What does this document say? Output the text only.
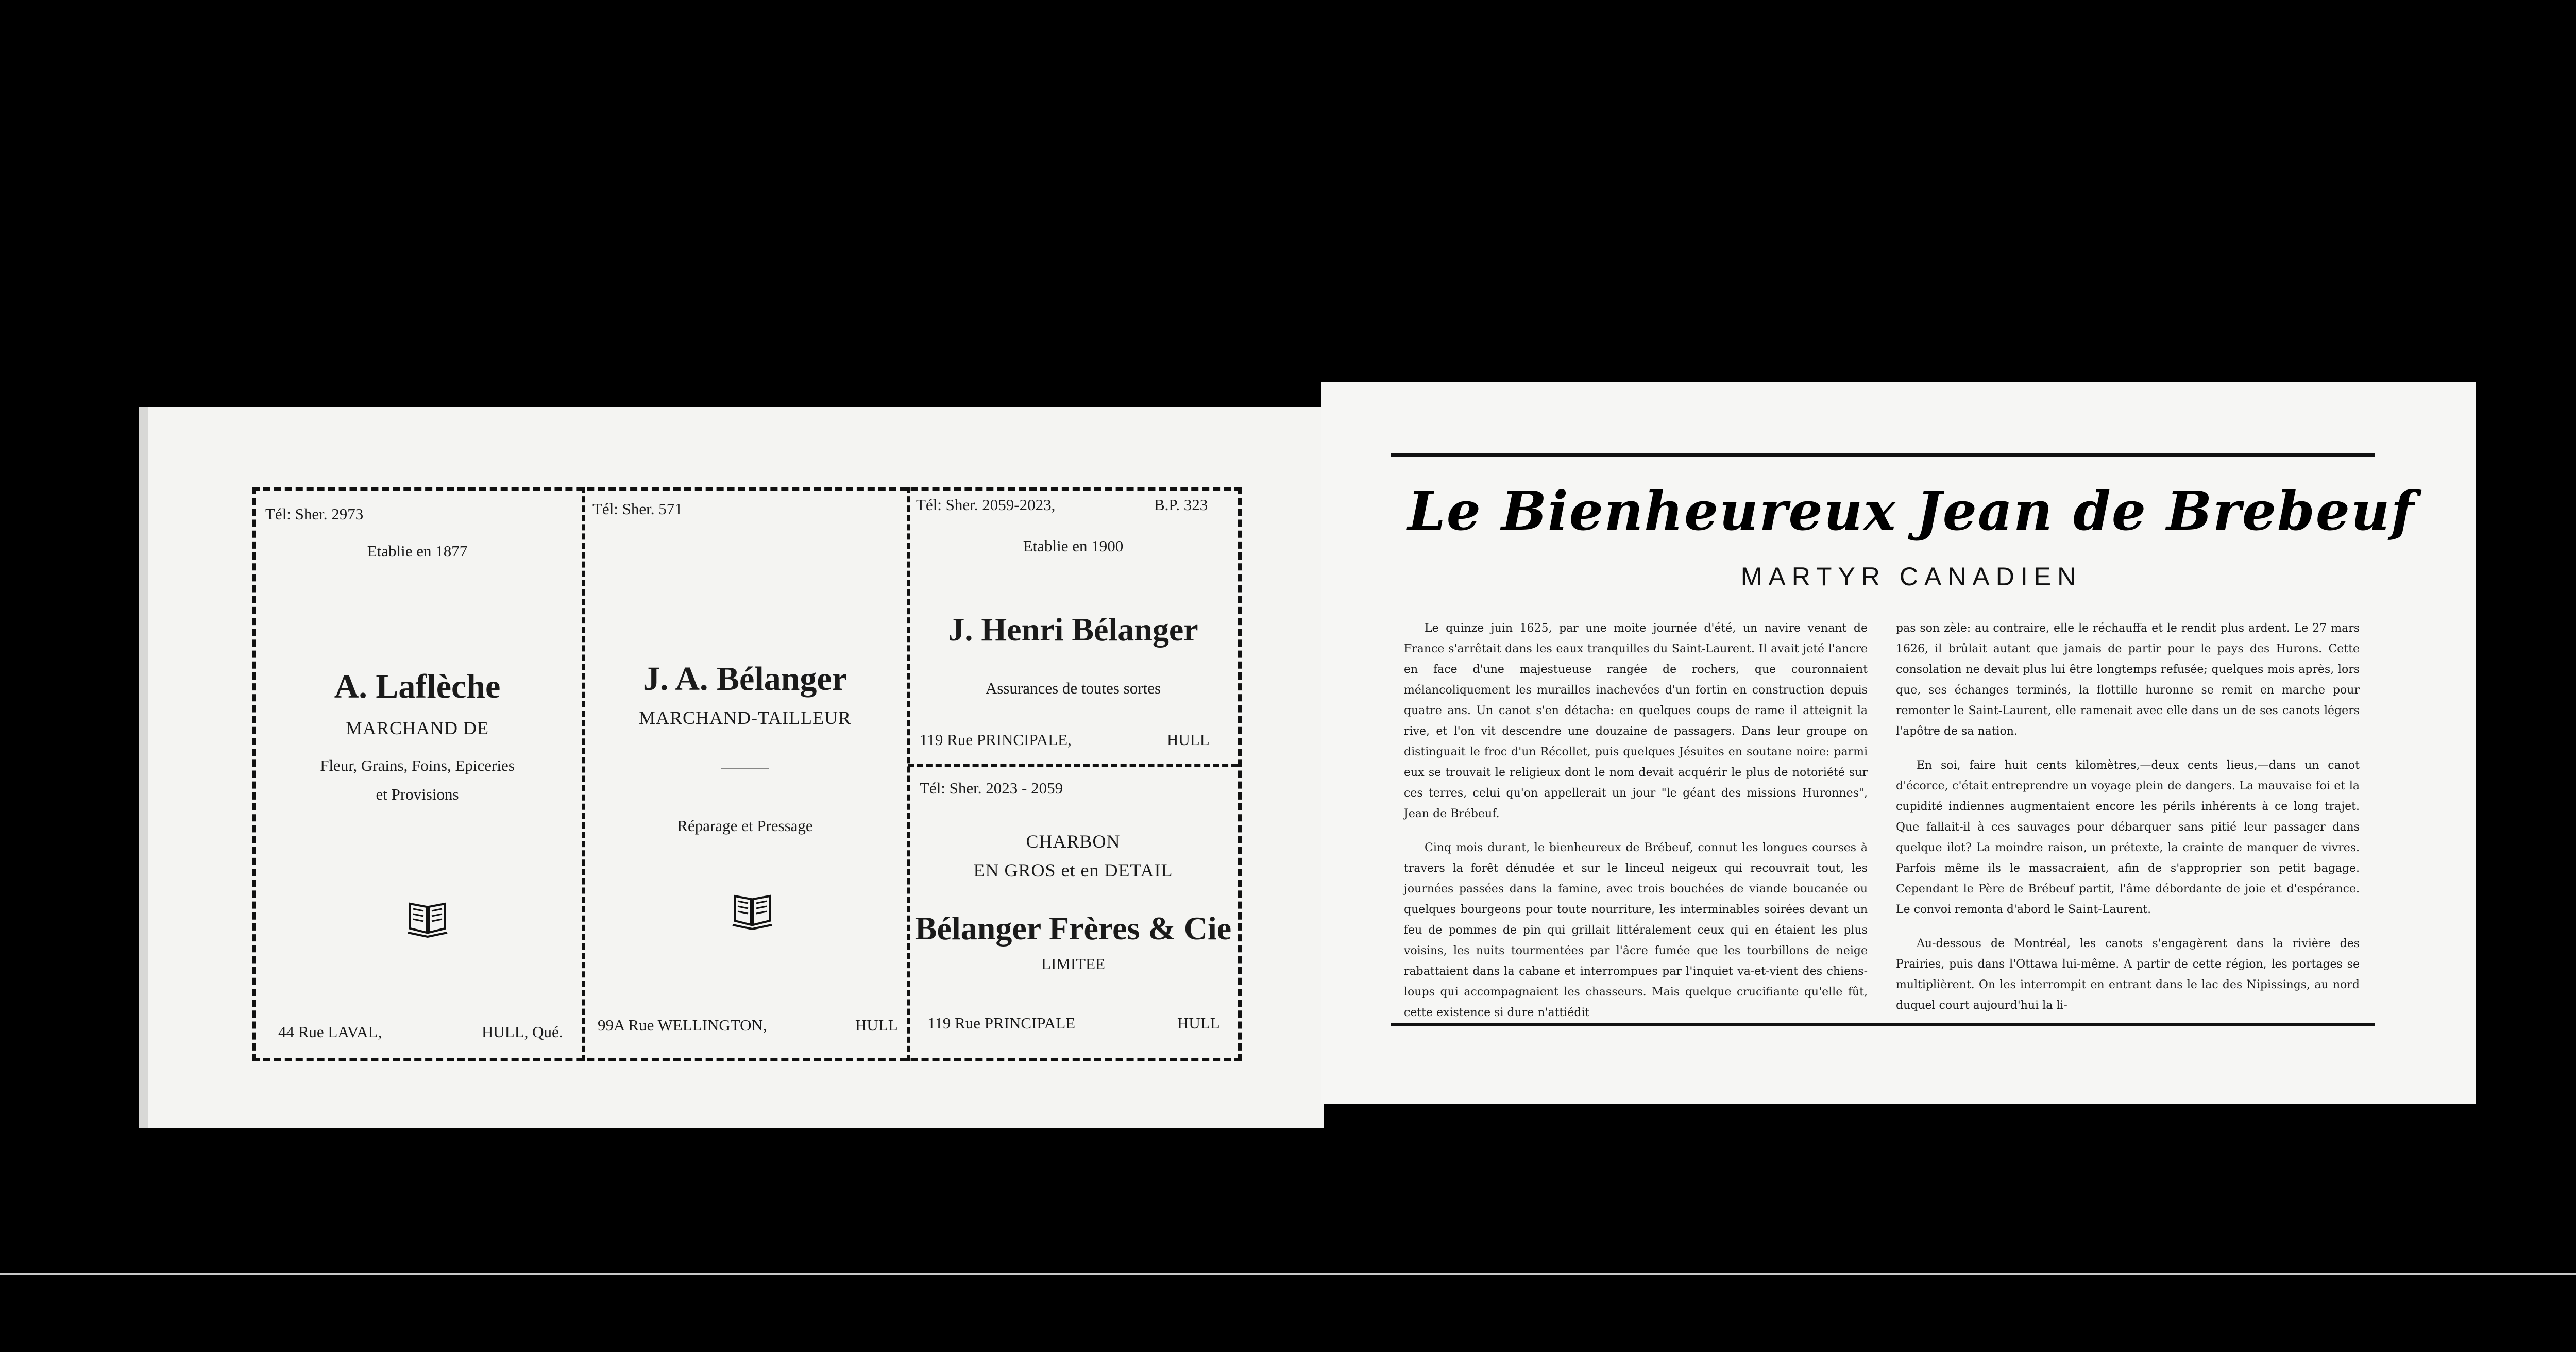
Tél: Sher. 2973
Etablie en 1877
A. Laflèche
MARCHAND DE
Fleur, Grains, Foins, Epiceries
et Provisions
44 Rue LAVAL,	HULL, Qué.
Tél: Sher. 571
J. A. Bélanger
MARCHAND-TAILLEUR
———
Réparage et Pressage
99A Rue WELLINGTON,	HULL
Tél: Sher. 2059-2023,	B.P. 323
Etablie en 1900
J. Henri Bélanger
Assurances de toutes sortes
119 Rue PRINCIPALE,	HULL
Tél: Sher. 2023 - 2059
CHARBON
EN GROS et en DETAIL
Bélanger Frères & Cie
LIMITEE
119 Rue PRINCIPALE	HULL
Le Bienheureux Jean de Brebeuf
MARTYR CANADIEN

Le quinze juin 1625, par une moite journée d'été, un navire venant de France s'arrêtait dans les eaux tranquilles du Saint-Laurent. Il avait jeté l'ancre en face d'une majestueuse rangée de rochers, que couronnaient mélancoliquement les murailles inachevées d'un fortin en construction depuis quatre ans. Un canot s'en détacha: en quelques coups de rame il atteignit la rive, et l'on vit descendre une douzaine de passagers. Dans leur groupe on distinguait le froc d'un Récollet, puis quelques Jésuites en soutane noire: parmi eux se trouvait le religieux dont le nom devait acquérir le plus de notoriété sur ces terres, celui qu'on appellerait un jour "le géant des missions Huronnes", Jean de Brébeuf.

Cinq mois durant, le bienheureux de Brébeuf, connut les longues courses à travers la forêt dénudée et sur le linceul neigeux qui recouvrait tout, les journées passées dans la famine, avec trois bouchées de viande boucanée ou quelques bourgeons pour toute nourriture, les interminables soirées devant un feu de pommes de pin qui grillait littéralement ceux qui en étaient les plus voisins, les nuits tourmentées par l'âcre fumée que les tourbillons de neige rabattaient dans la cabane et interrompues par l'inquiet va-et-vient des chiens-loups qui accompagnaient les chasseurs. Mais quelque crucifiante qu'elle fût, cette existence si dure n'attiédit

pas son zèle: au contraire, elle le réchauffa et le rendit plus ardent. Le 27 mars 1626, il brûlait autant que jamais de partir pour le pays des Hurons. Cette consolation ne devait plus lui être longtemps refusée; quelques mois après, lors que, ses échanges terminés, la flottille huronne se remit en marche pour remonter le Saint-Laurent, elle ramenait avec elle dans un de ses canots légers l'apôtre de sa nation.

En soi, faire huit cents kilomètres,—deux cents lieus,—dans un canot d'écorce, c'était entreprendre un voyage plein de dangers. La mauvaise foi et la cupidité indiennes augmentaient encore les périls inhérents à ce long trajet. Que fallait-il à ces sauvages pour débarquer sans pitié leur passager dans quelque ilot? La moindre raison, un prétexte, la crainte de manquer de vivres. Parfois même ils le massacraient, afin de s'approprier son petit bagage. Cependant le Père de Brébeuf partit, l'âme débordante de joie et d'espérance. Le convoi remonta d'abord le Saint-Laurent.

Au-dessous de Montréal, les canots s'engagèrent dans la rivière des Prairies, puis dans l'Ottawa lui-même. A partir de cette région, les portages se multiplièrent. On les interrompit en entrant dans le lac des Nipissings, au nord duquel court aujourd'hui la li-
